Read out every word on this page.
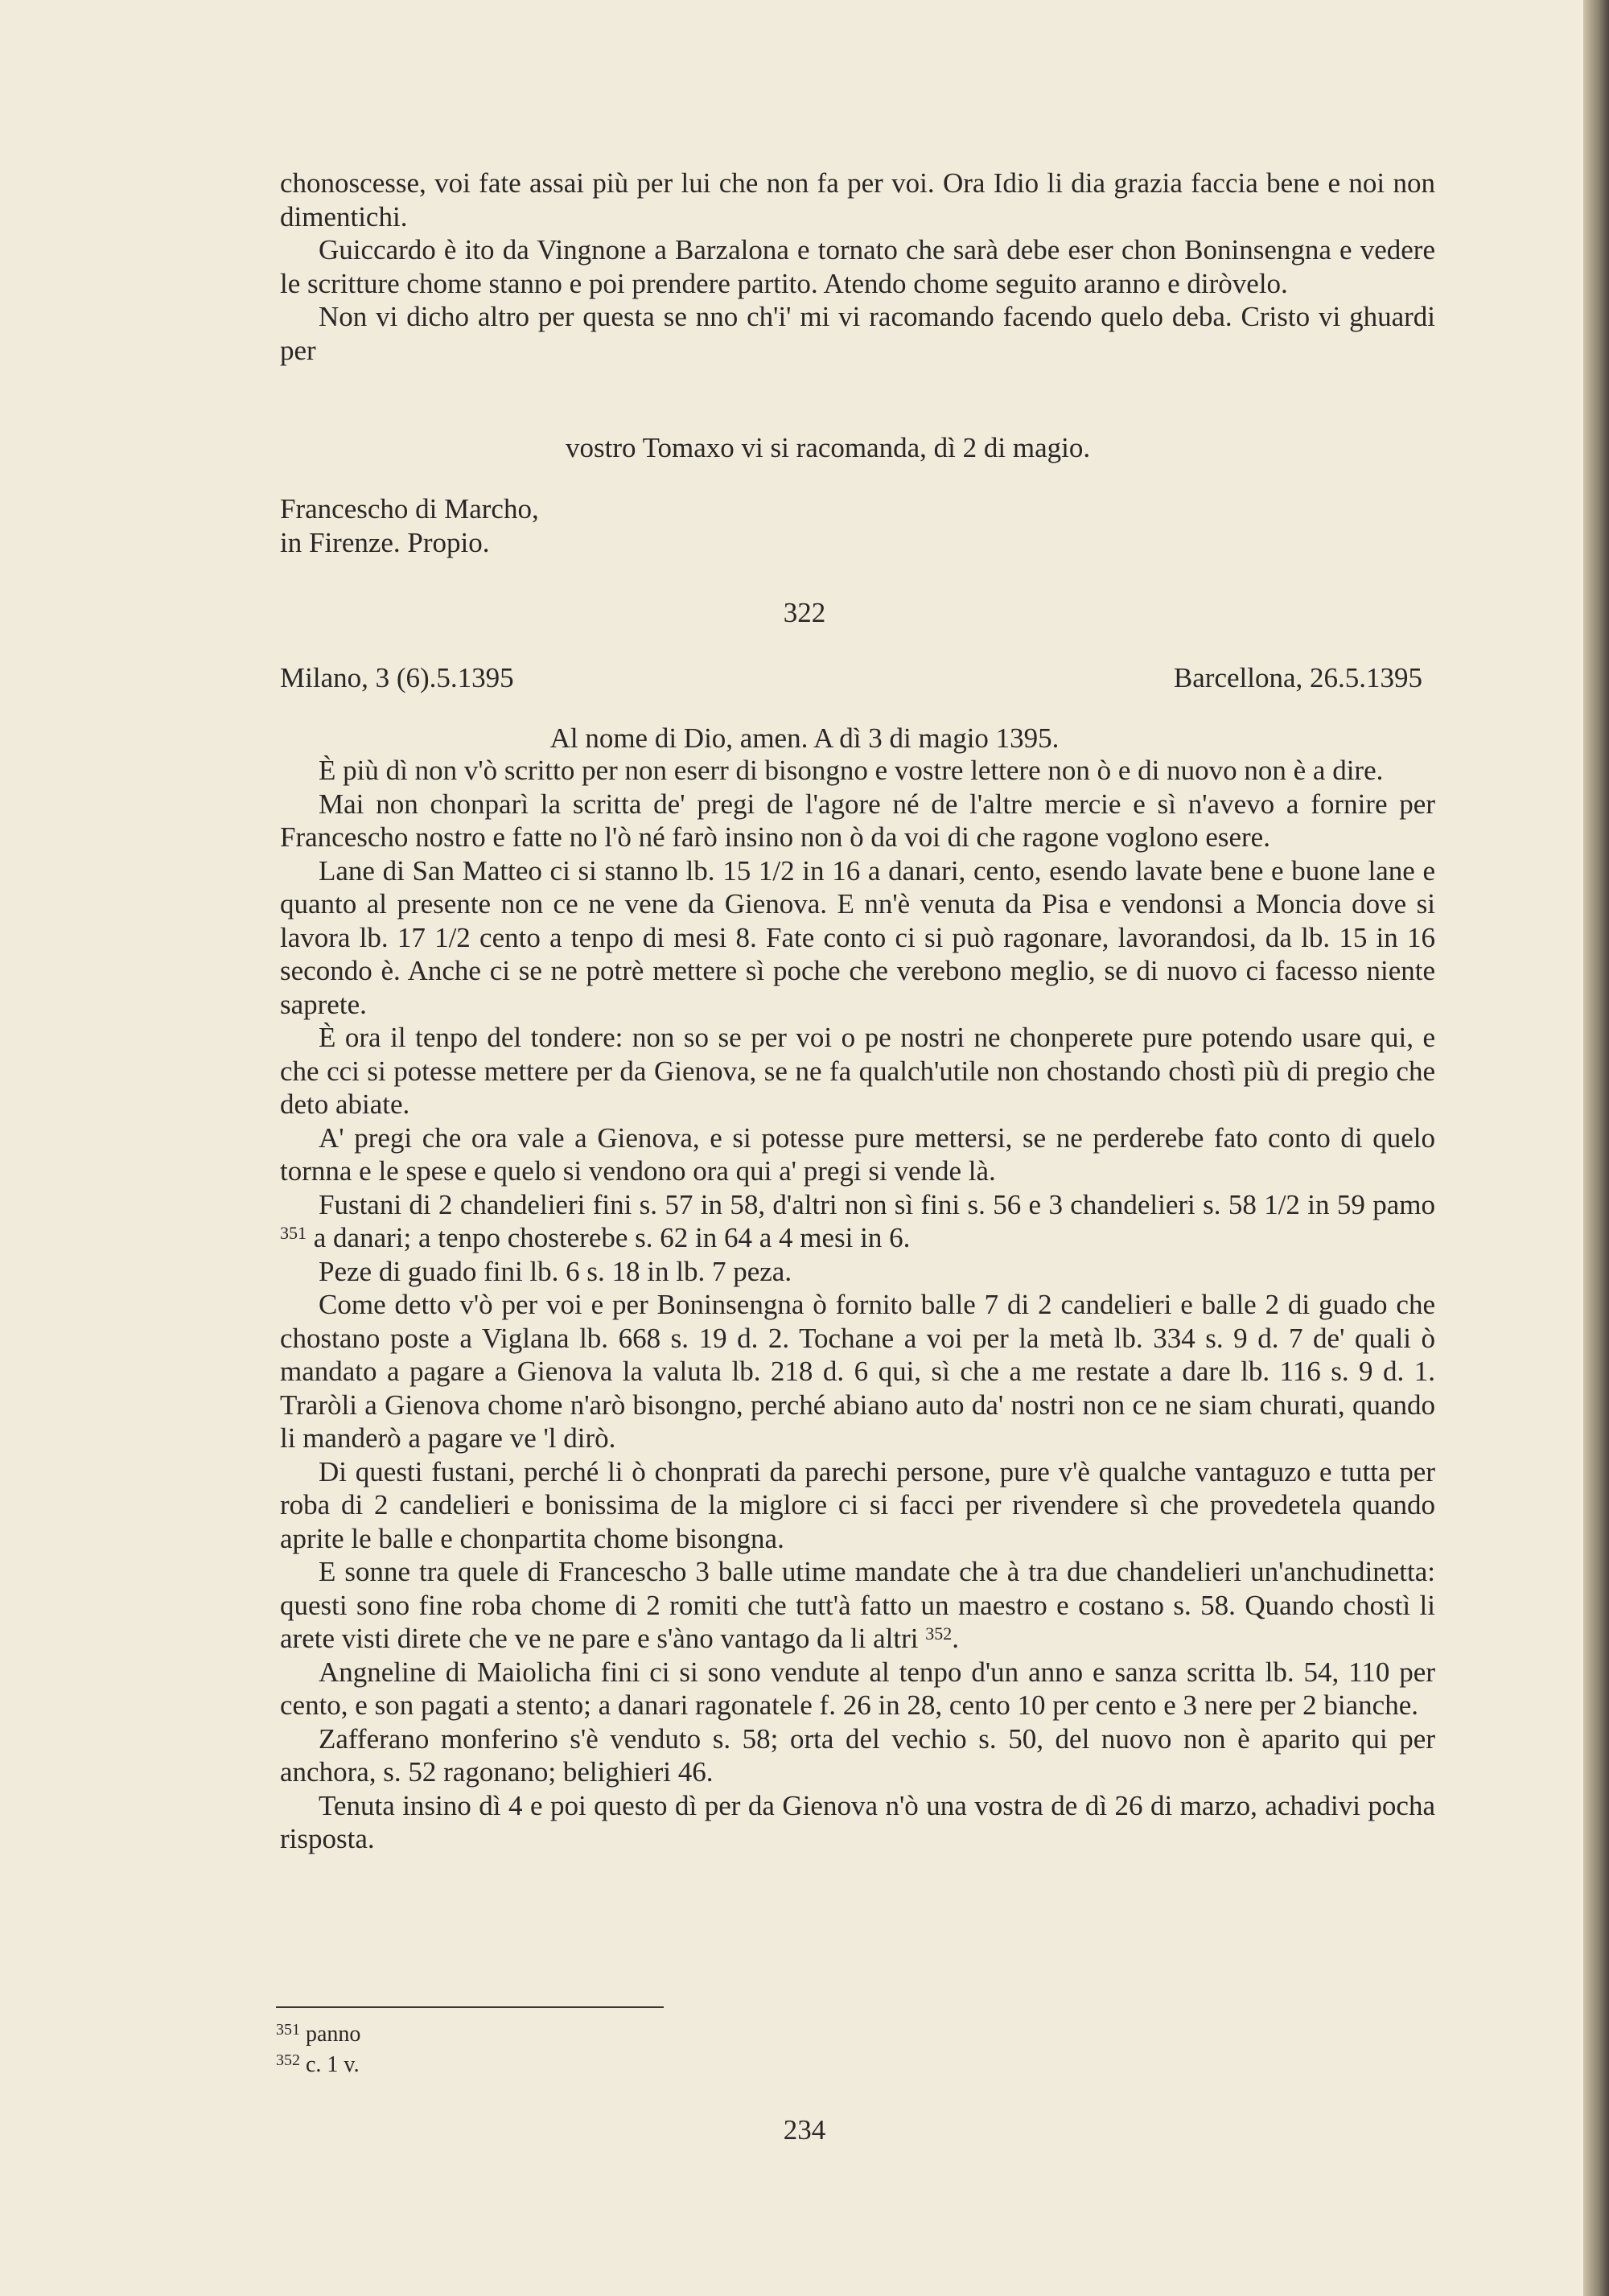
chonoscesse, voi fate assai più per lui che non fa per voi. Ora Idio li dia grazia faccia bene e noi non dimentichi.

Guiccardo è ito da Vingnone a Barzalona e tornato che sarà debe eser chon Boninsengna e vedere le scritture chome stanno e poi prendere partito. Atendo chome seguito aranno e diròvelo.

Non vi dicho altro per questa se nno ch'i' mi vi racomando facendo quelo deba. Cristo vi ghuardi per

vostro Tomaxo vi si racomanda, dì 2 di magio.
Francescho di Marcho,
in Firenze. Propio.
322
Milano, 3 (6).5.1395	Barcellona, 26.5.1395
Al nome di Dio, amen. A dì 3 di magio 1395.

È più dì non v'ò scritto per non eserr di bisongno e vostre lettere non ò e di nuovo non è a dire.

Mai non chonparì la scritta de' pregi de l'agore né de l'altre mercie e sì n'avevo a fornire per Francescho nostro e fatte no l'ò né farò insino non ò da voi di che ragone voglono esere.

Lane di San Matteo ci si stanno lb. 15 1/2 in 16 a danari, cento, esendo lavate bene e buone lane e quanto al presente non ce ne vene da Gienova. E nn'è venuta da Pisa e vendonsi a Moncia dove si lavora lb. 17 1/2 cento a tenpo di mesi 8. Fate conto ci si può ragonare, lavorandosi, da lb. 15 in 16 secondo è. Anche ci se ne potrè mettere sì poche che verebono meglio, se di nuovo ci facesso niente saprete.

È ora il tenpo del tondere: non so se per voi o pe nostri ne chonperete pure potendo usare qui, e che cci si potesse mettere per da Gienova, se ne fa qualch'utile non chostando chostì più di pregio che deto abiate.

A' pregi che ora vale a Gienova, e si potesse pure mettersi, se ne perderebe fato conto di quelo tornna e le spese e quelo si vendono ora qui a' pregi si vende là.

Fustani di 2 chandelieri fini s. 57 in 58, d'altri non sì fini s. 56 e 3 chandelieri s. 58 1/2 in 59 pamo $^{351}$ a danari; a tenpo chosterebe s. 62 in 64 a 4 mesi in 6.

Peze di guado fini lb. 6 s. 18 in lb. 7 peza.

Come detto v'ò per voi e per Boninsengna ò fornito balle 7 di 2 candelieri e balle 2 di guado che chostano poste a Viglana lb. 668 s. 19 d. 2. Tochane a voi per la metà lb. 334 s. 9 d. 7 de' quali ò mandato a pagare a Gienova la valuta lb. 218 d. 6 qui, sì che a me restate a dare lb. 116 s. 9 d. 1. Traròli a Gienova chome n'arò bisongno, perché abiano auto da' nostri non ce ne siam churati, quando li manderò a pagare ve 'l dirò.

Di questi fustani, perché li ò chonprati da parechi persone, pure v'è qualche vantaguzo e tutta per roba di 2 candelieri e bonissima de la miglore ci si facci per rivendere sì che provedetela quando aprite le balle e chonpartita chome bisongna.

E sonne tra quele di Francescho 3 balle utime mandate che à tra due chandelieri un'anchudinetta: questi sono fine roba chome di 2 romiti che tutt'à fatto un maestro e costano s. 58. Quando chostì li arete visti direte che ve ne pare e s'àno vantago da li altri $^{352}$.

Angneline di Maiolicha fini ci si sono vendute al tenpo d'un anno e sanza scritta lb. 54, 110 per cento, e son pagati a stento; a danari ragonatele f. 26 in 28, cento 10 per cento e 3 nere per 2 bianche.

Zafferano monferino s'è venduto s. 58; orta del vechio s. 50, del nuovo non è aparito qui per anchora, s. 52 ragonano; belighieri 46.

Tenuta insino dì 4 e poi questo dì per da Gienova n'ò una vostra de dì 26 di marzo, achadivi pocha risposta.

$^{351}$ panno
$^{352}$ c. 1 v.
234
